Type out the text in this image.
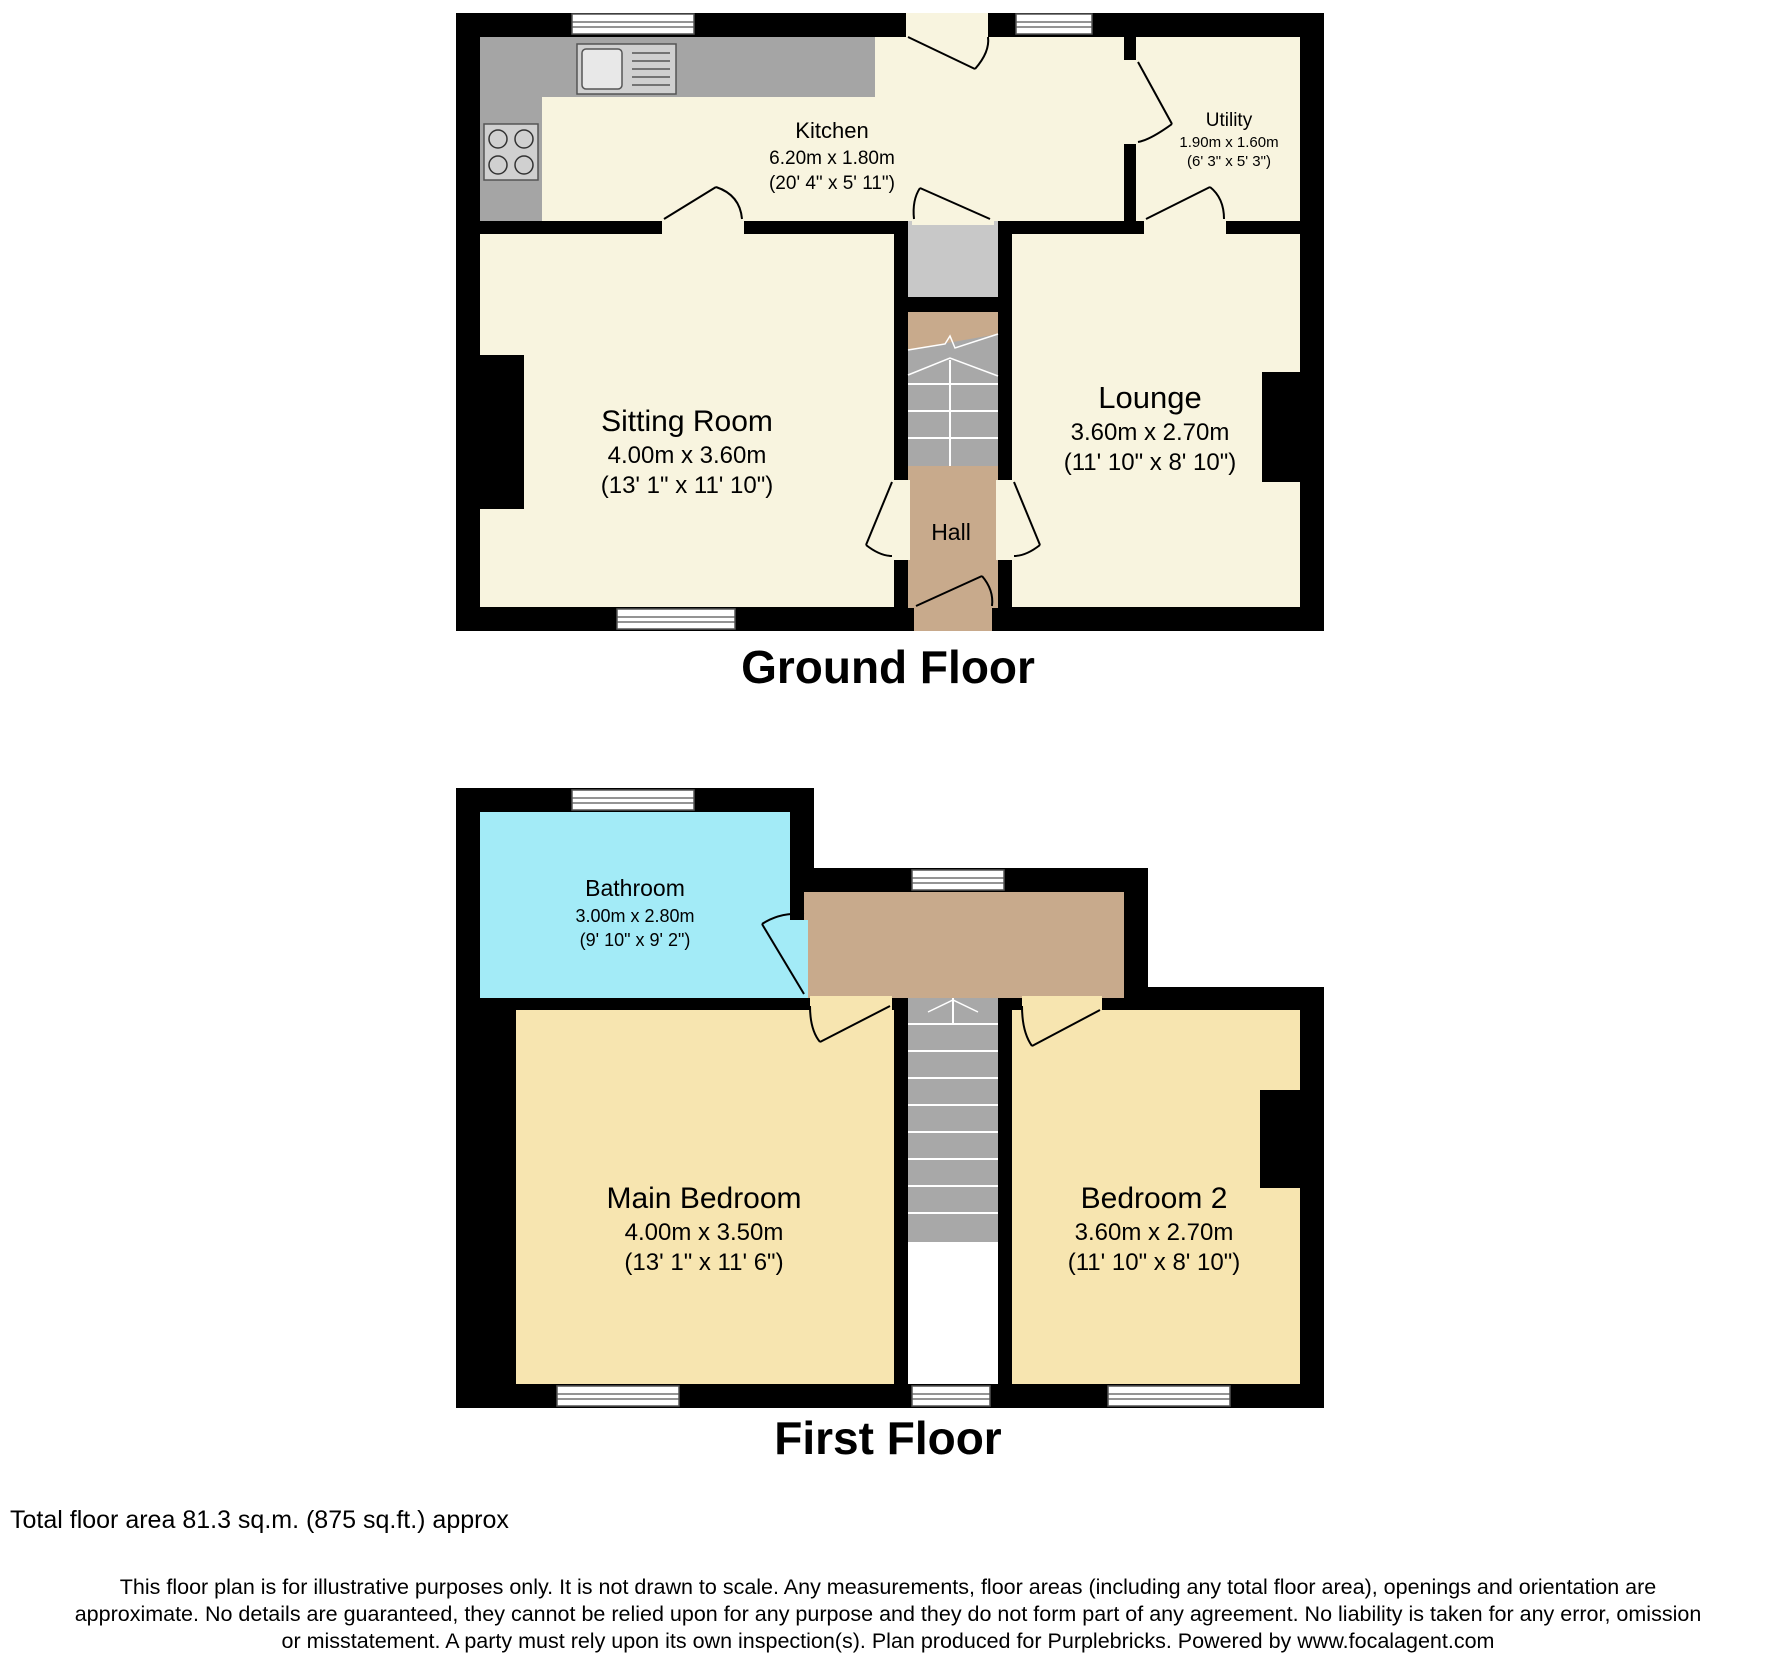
Kitchen
6.20m x 1.80m
(20' 4" x 5' 11")
Utility
1.90m x 1.60m
(6' 3" x 5' 3")
Sitting Room
4.00m x 3.60m
(13' 1" x 11' 10")
Lounge
3.60m x 2.70m
(11' 10" x 8' 10")
Hall
Ground Floor
Bathroom
3.00m x 2.80m
(9' 10" x 9' 2")
Main Bedroom
4.00m x 3.50m
(13' 1" x 11' 6")
Bedroom 2
3.60m x 2.70m
(11' 10" x 8' 10")
First Floor
Total floor area 81.3 sq.m. (875 sq.ft.) approx
This floor plan is for illustrative purposes only. It is not drawn to scale. Any measurements, floor areas (including any total floor area), openings and orientation are
approximate. No details are guaranteed, they cannot be relied upon for any purpose and they do not form part of any agreement. No liability is taken for any error, omission
or misstatement. A party must rely upon its own inspection(s). Plan produced for Purplebricks. Powered by www.focalagent.com
